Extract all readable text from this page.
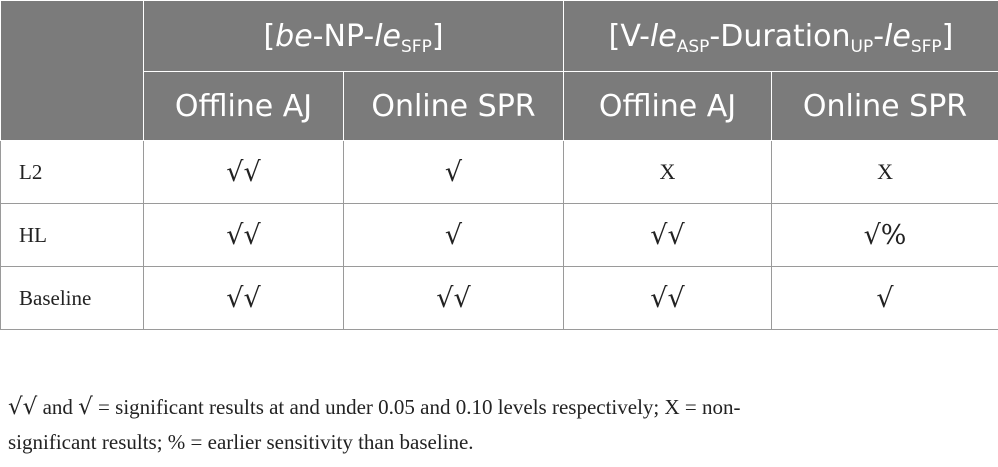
	$[be-NP-le_{SFP}]$		$[V-le_{ASP}-Duration_{UP}-le_{SFP}]$	
	Offline AJ	Online SPR	Offline AJ	Online SPR
L2	√√	√	X	X
HL	√√	√	√√	√%
Baseline	√√	√√	√√	√
√√ and √ = significant results at and under 0.05 and 0.10 levels respectively; X = non-
significant results; % = earlier sensitivity than baseline.
